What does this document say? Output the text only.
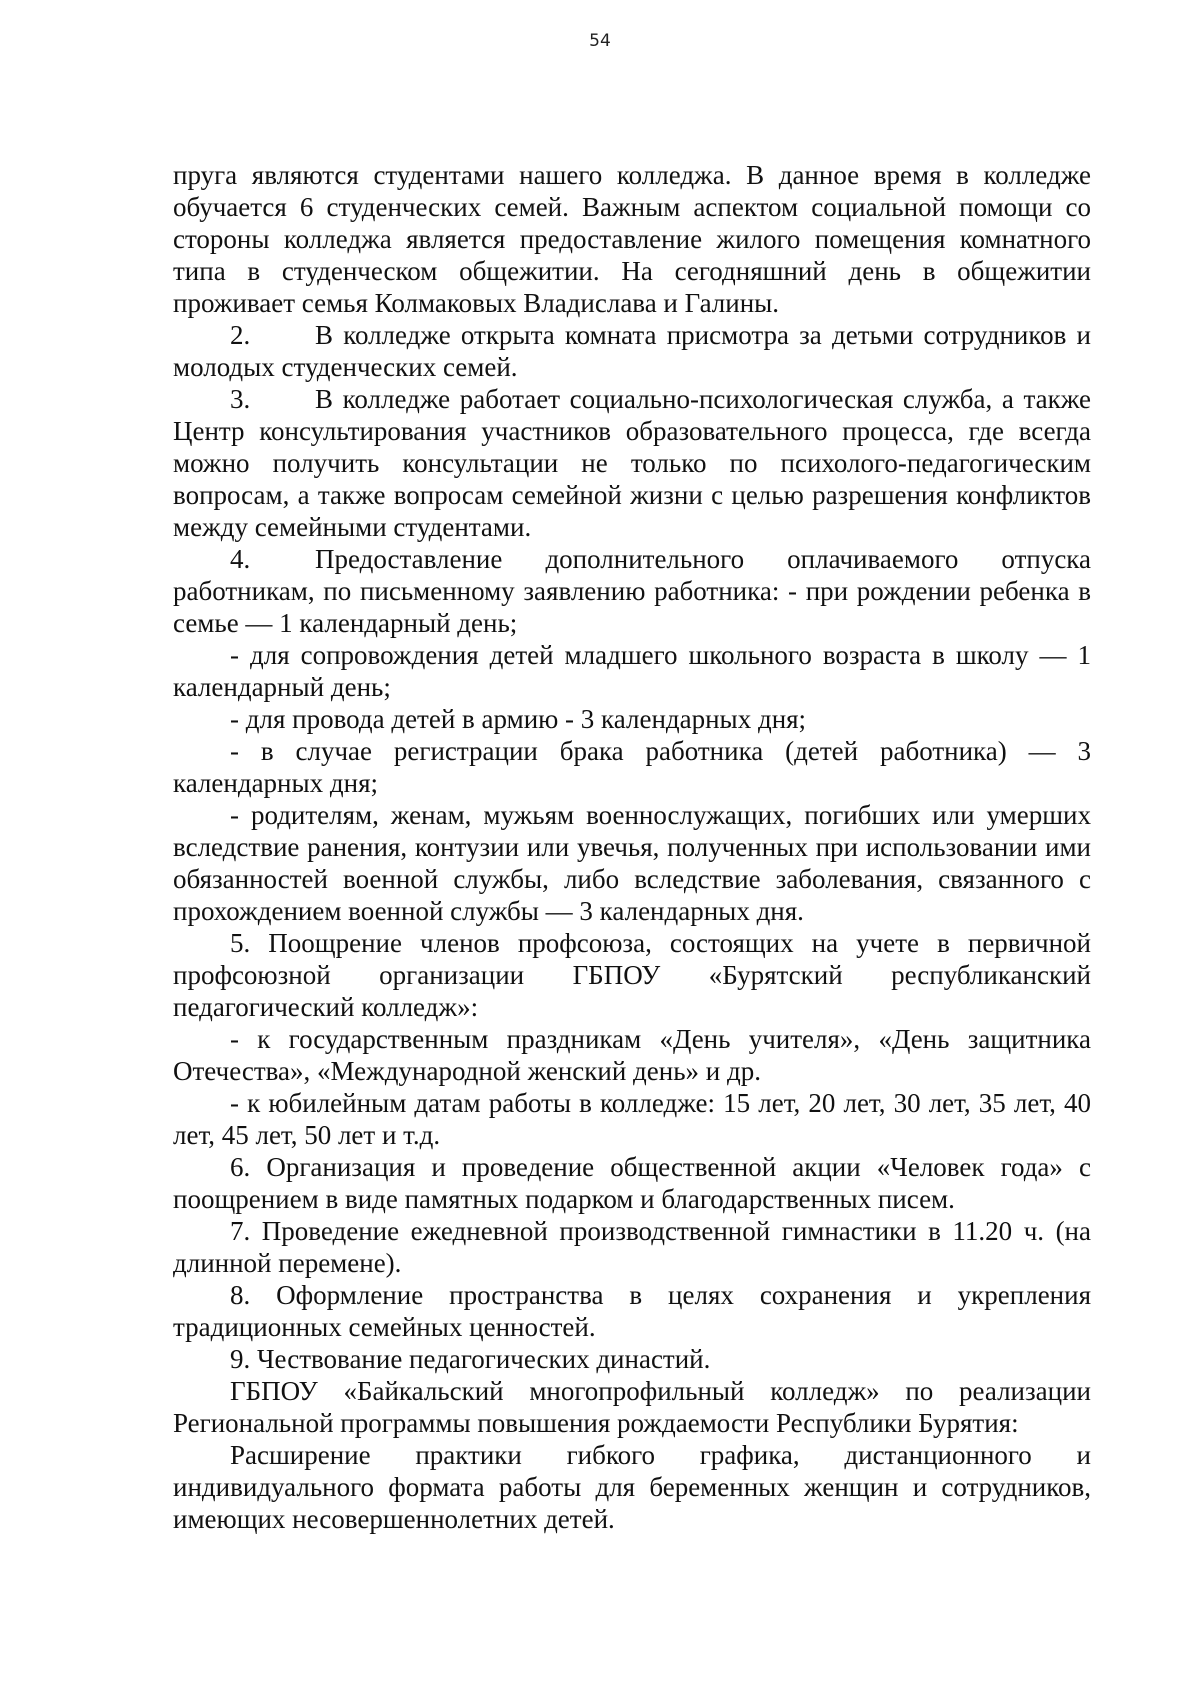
54

пруга являются студентами нашего колледжа. В данное время в колледже обучается 6 студенческих семей. Важным аспектом социальной помощи со стороны колледжа является предоставление жилого помещения комнатного типа в студенческом общежитии. На сегодняшний день в общежитии проживает семья Колмаковых Владислава и Галины.

2. В колледже открыта комната присмотра за детьми сотрудников и молодых студенческих семей.

3. В колледже работает социально-психологическая служба, а также Центр консультирования участников образовательного процесса, где всегда можно получить консультации не только по психолого-педагогическим вопросам, а также вопросам семейной жизни с целью разрешения конфликтов между семейными студентами.

4. Предоставление дополнительного оплачиваемого отпуска работникам, по письменному заявлению работника: - при рождении ребенка в семье — 1 календарный день;

- для сопровождения детей младшего школьного возраста в школу — 1 календарный день;

- для провода детей в армию - 3 календарных дня;

- в случае регистрации брака работника (детей работника) — 3 календарных дня;

- родителям, женам, мужьям военнослужащих, погибших или умерших вследствие ранения, контузии или увечья, полученных при использовании ими обязанностей военной службы, либо вследствие заболевания, связанного с прохождением военной службы — 3 календарных дня.

5. Поощрение членов профсоюза, состоящих на учете в первичной профсоюзной организации ГБПОУ «Бурятский республиканский педагогический колледж»:

- к государственным праздникам «День учителя», «День защитника Отечества», «Международной женский день» и др.

- к юбилейным датам работы в колледже: 15 лет, 20 лет, 30 лет, 35 лет, 40 лет, 45 лет, 50 лет и т.д.

6. Организация и проведение общественной акции «Человек года» с поощрением в виде памятных подарком и благодарственных писем.

7. Проведение ежедневной производственной гимнастики в 11.20 ч. (на длинной перемене).

8. Оформление пространства в целях сохранения и укрепления традиционных семейных ценностей.

9. Чествование педагогических династий.

ГБПОУ «Байкальский многопрофильный колледж» по реализации Региональной программы повышения рождаемости Республики Бурятия:

Расширение практики гибкого графика, дистанционного и индивидуального формата работы для беременных женщин и сотрудников, имеющих несовершеннолетних детей.
